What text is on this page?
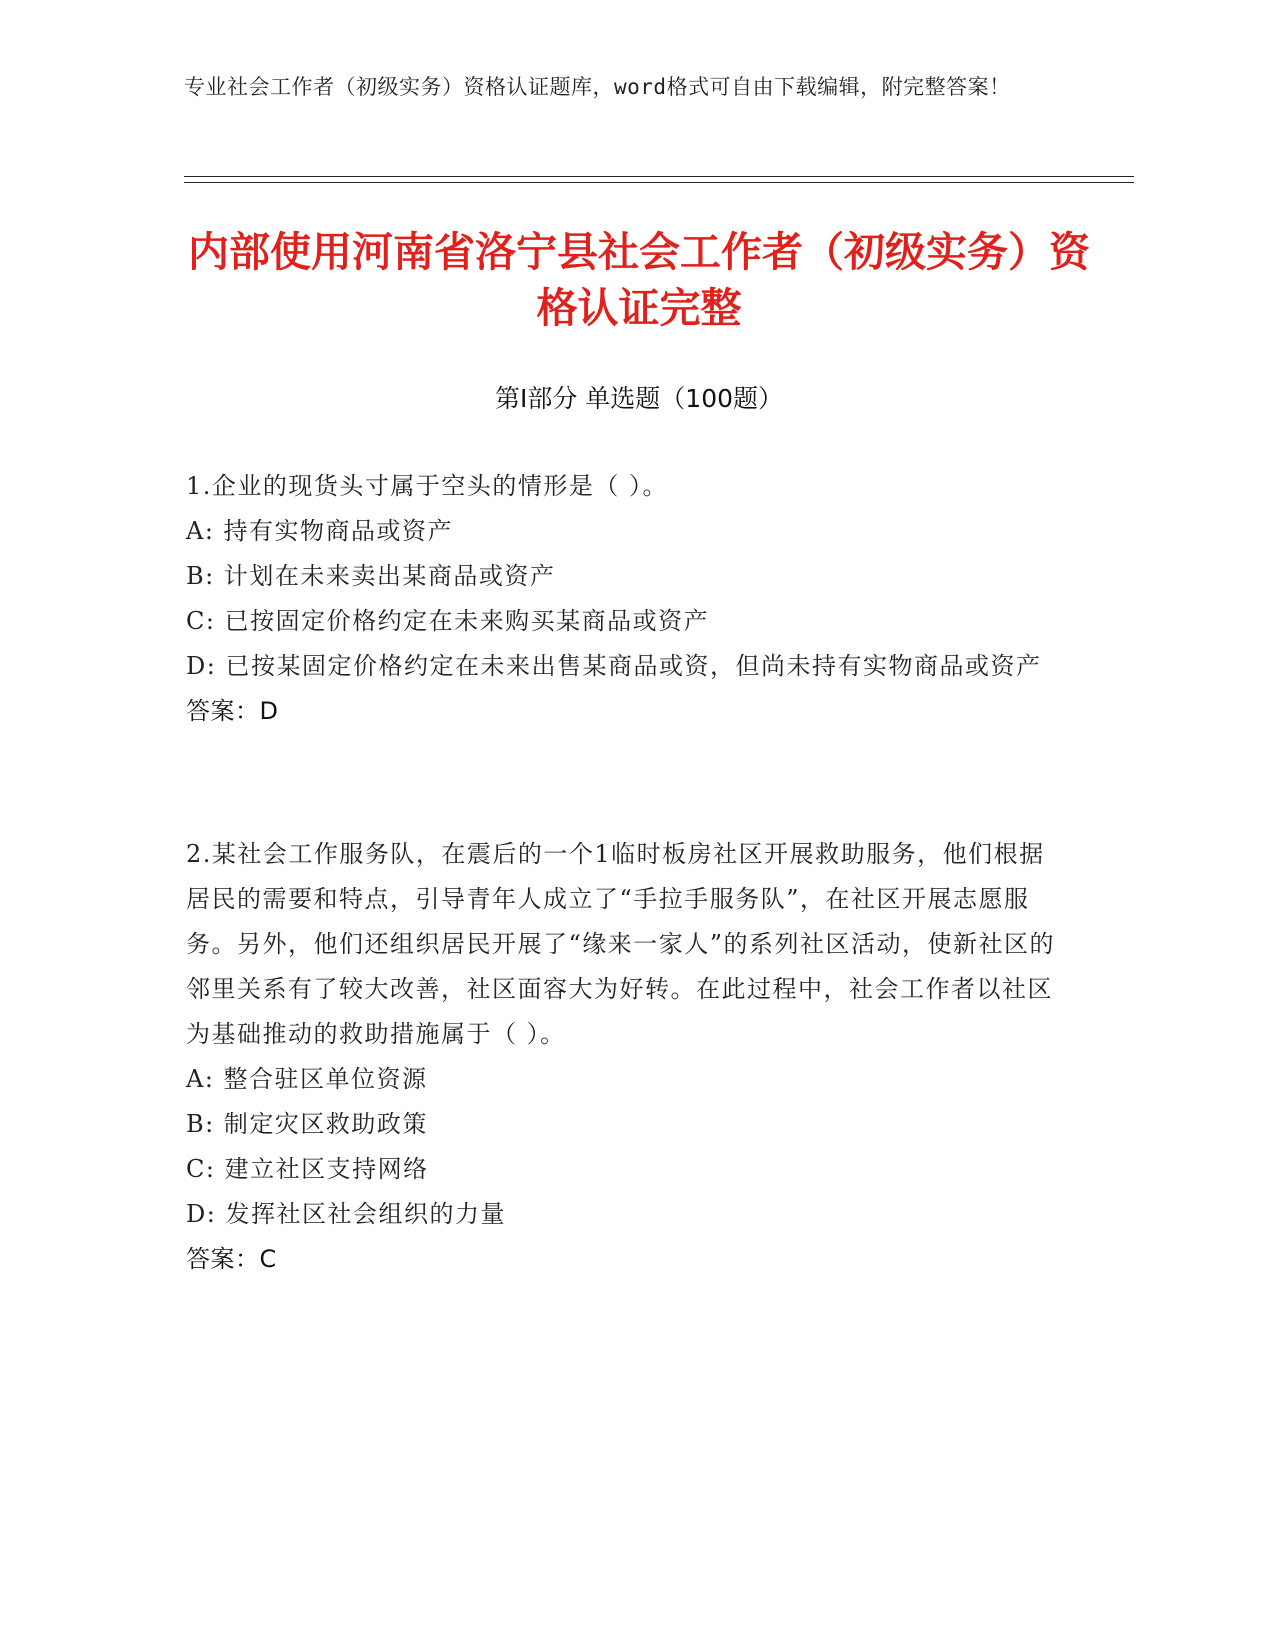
专业社会工作者（初级实务）资格认证题库，word格式可自由下载编辑，附完整答案！
内部使用河南省洛宁县社会工作者（初级实务）资格认证完整
第Ⅰ部分 单选题（100题）
1.企业的现货头寸属于空头的情形是（ ）。
A: 持有实物商品或资产
B: 计划在未来卖出某商品或资产
C: 已按固定价格约定在未来购买某商品或资产
D: 已按某固定价格约定在未来出售某商品或资，但尚未持有实物商品或资产
答案：D
2.某社会工作服务队，在震后的一个1临时板房社区开展救助服务，他们根据居民的需要和特点，引导青年人成立了“手拉手服务队”，在社区开展志愿服务。另外，他们还组织居民开展了“缘来一家人”的系列社区活动，使新社区的邻里关系有了较大改善，社区面容大为好转。在此过程中，社会工作者以社区为基础推动的救助措施属于（ ）。
A: 整合驻区单位资源
B: 制定灾区救助政策
C: 建立社区支持网络
D: 发挥社区社会组织的力量
答案：C
